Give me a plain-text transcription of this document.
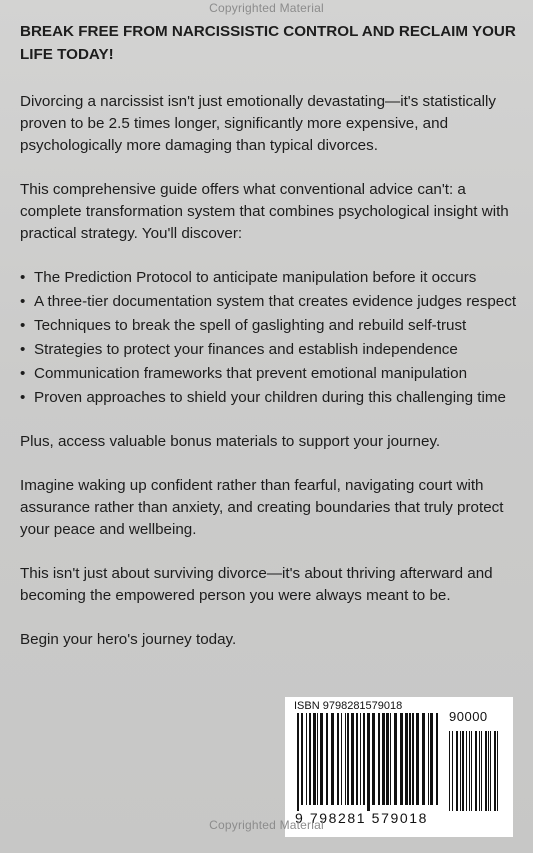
Copyrighted Material
BREAK FREE FROM NARCISSISTIC CONTROL AND RECLAIM YOUR LIFE TODAY!

Divorcing a narcissist isn't just emotionally devastating—it's statistically proven to be 2.5 times longer, significantly more expensive, and psychologically more damaging than typical divorces.

This comprehensive guide offers what conventional advice can't: a complete transformation system that combines psychological insight with practical strategy. You'll discover:

• The Prediction Protocol to anticipate manipulation before it occurs
• A three-tier documentation system that creates evidence judges respect
• Techniques to break the spell of gaslighting and rebuild self-trust
• Strategies to protect your finances and establish independence
• Communication frameworks that prevent emotional manipulation
• Proven approaches to shield your children during this challenging time

Plus, access valuable bonus materials to support your journey.

Imagine waking up confident rather than fearful, navigating court with assurance rather than anxiety, and creating boundaries that truly protect your peace and wellbeing.

This isn't just about surviving divorce—it's about thriving afterward and becoming the empowered person you were always meant to be.

Begin your hero's journey today.

ISBN 9798281579018
90000
9 798281 579018
Copyrighted Material
